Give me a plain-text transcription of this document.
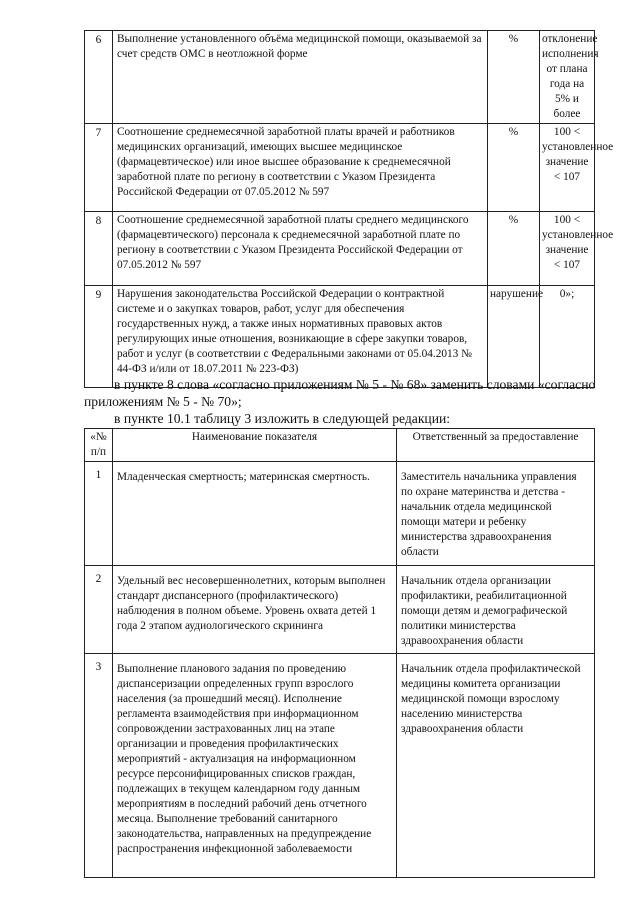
6	Выполнение установленного объёма медицинской помощи, оказываемой за счет средств ОМС в неотложной форме	%	отклонение исполнения от плана года на 5% и более
7	Соотношение среднемесячной заработной платы врачей и работников медицинских организаций, имеющих высшее медицинское (фармацевтическое) или иное высшее образование к среднемесячной заработной плате по региону в соответствии с Указом Президента Российской Федерации от 07.05.2012 № 597	%	100 < установленное значение < 107
8	Соотношение среднемесячной заработной платы среднего медицинского (фармацевтического) персонала к среднемесячной заработной плате по региону в соответствии с Указом Президента Российской Федерации от 07.05.2012 № 597	%	100 < установленное значение < 107
9	Нарушения законодательства Российской Федерации о контрактной системе и о закупках товаров, работ, услуг для обеспечения государственных нужд, а также иных нормативных правовых актов регулирующих иные отношения, возникающие в сфере закупки товаров, работ и услуг (в соответствии с Федеральными законами от 05.04.2013 № 44-ФЗ и/или от 18.07.2011 № 223-ФЗ)	нарушение	0»;

в пункте 8 слова «согласно приложениям № 5 - № 68» заменить словами «согласно приложениям № 5 - № 70»;

в пункте 10.1 таблицу 3 изложить в следующей редакции:

«№ п/п	Наименование показателя	Ответственный за предоставление
1	Младенческая смертность; материнская смертность.	Заместитель начальника управления по охране материнства и детства - начальник отдела медицинской помощи матери и ребенку министерства здравоохранения области
2	Удельный вес несовершеннолетних, которым выполнен стандарт диспансерного (профилактического) наблюдения в полном объеме. Уровень охвата детей 1 года 2 этапом аудиологического скрининга	Начальник отдела организации профилактики, реабилитационной помощи детям и демографической политики министерства здравоохранения области
3	Выполнение планового задания по проведению диспансеризации определенных групп взрослого населения (за прошедший месяц). Исполнение регламента взаимодействия при информационном сопровождении застрахованных лиц на этапе организации и проведения профилактических мероприятий - актуализация на информационном ресурсе персонифицированных списков граждан, подлежащих в текущем календарном году данным мероприятиям в последний рабочий день отчетного месяца. Выполнение требований санитарного законодательства, направленных на предупреждение распространения инфекционной заболеваемости	Начальник отдела профилактической медицины комитета организации медицинской помощи взрослому населению министерства здравоохранения области
